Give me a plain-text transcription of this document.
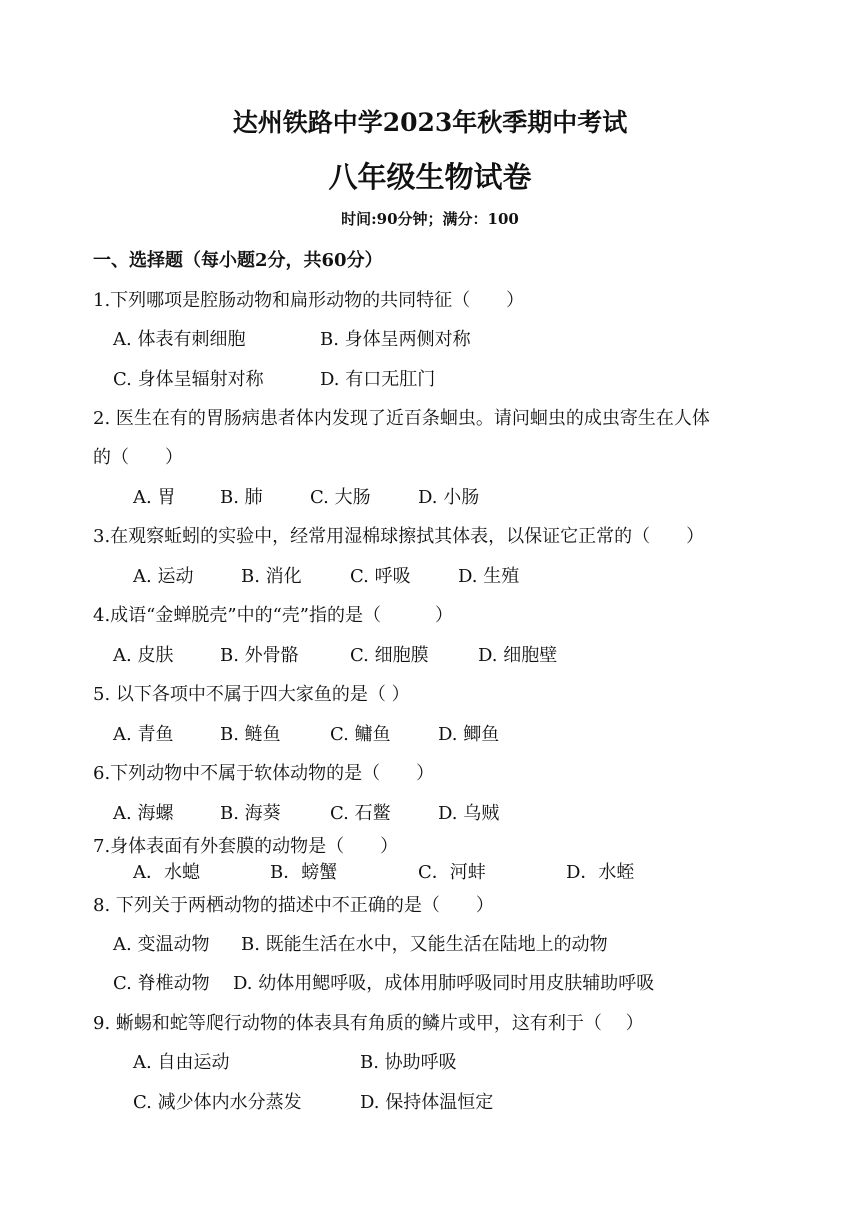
达州铁路中学2023年秋季期中考试
八年级生物试卷
时间:90分钟；满分：100
一、选择题（每小题2分，共60分）
1.下列哪项是腔肠动物和扁形动物的共同特征（　　）
A. 体表有刺细胞	B. 身体呈两侧对称
C. 身体呈辐射对称	D. 有口无肛门
2. 医生在有的胃肠病患者体内发现了近百条蛔虫。请问蛔虫的成虫寄生在人体
的（　　）
A. 胃 B. 肺	C. 大肠	D. 小肠
3.在观察蚯蚓的实验中，经常用湿棉球擦拭其体表，以保证它正常的（　　）
A. 运动	B. 消化	C. 呼吸	D. 生殖
4.成语“金蝉脱壳”中的“壳”指的是（　　　）
A. 皮肤	B. 外骨骼	C. 细胞膜	D. 细胞壁
5. 以下各项中不属于四大家鱼的是（ ）
A. 青鱼	B. 鲢鱼	C. 鳙鱼	D. 鲫鱼
6.下列动物中不属于软体动物的是（　　）
A. 海螺	B. 海葵	C. 石鳖	D. 乌贼
7.身体表面有外套膜的动物是（　　）
A．水螅	B．螃蟹	C．河蚌	D．水蛭
8. 下列关于两栖动物的描述中不正确的是（　　）
A. 变温动物 B. 既能生活在水中，又能生活在陆地上的动物
C. 脊椎动物 D. 幼体用鳃呼吸，成体用肺呼吸同时用皮肤辅助呼吸
9. 蜥蜴和蛇等爬行动物的体表具有角质的鳞片或甲，这有利于（　 ）
A. 自由运动	B. 协助呼吸
C. 减少体内水分蒸发	D. 保持体温恒定
